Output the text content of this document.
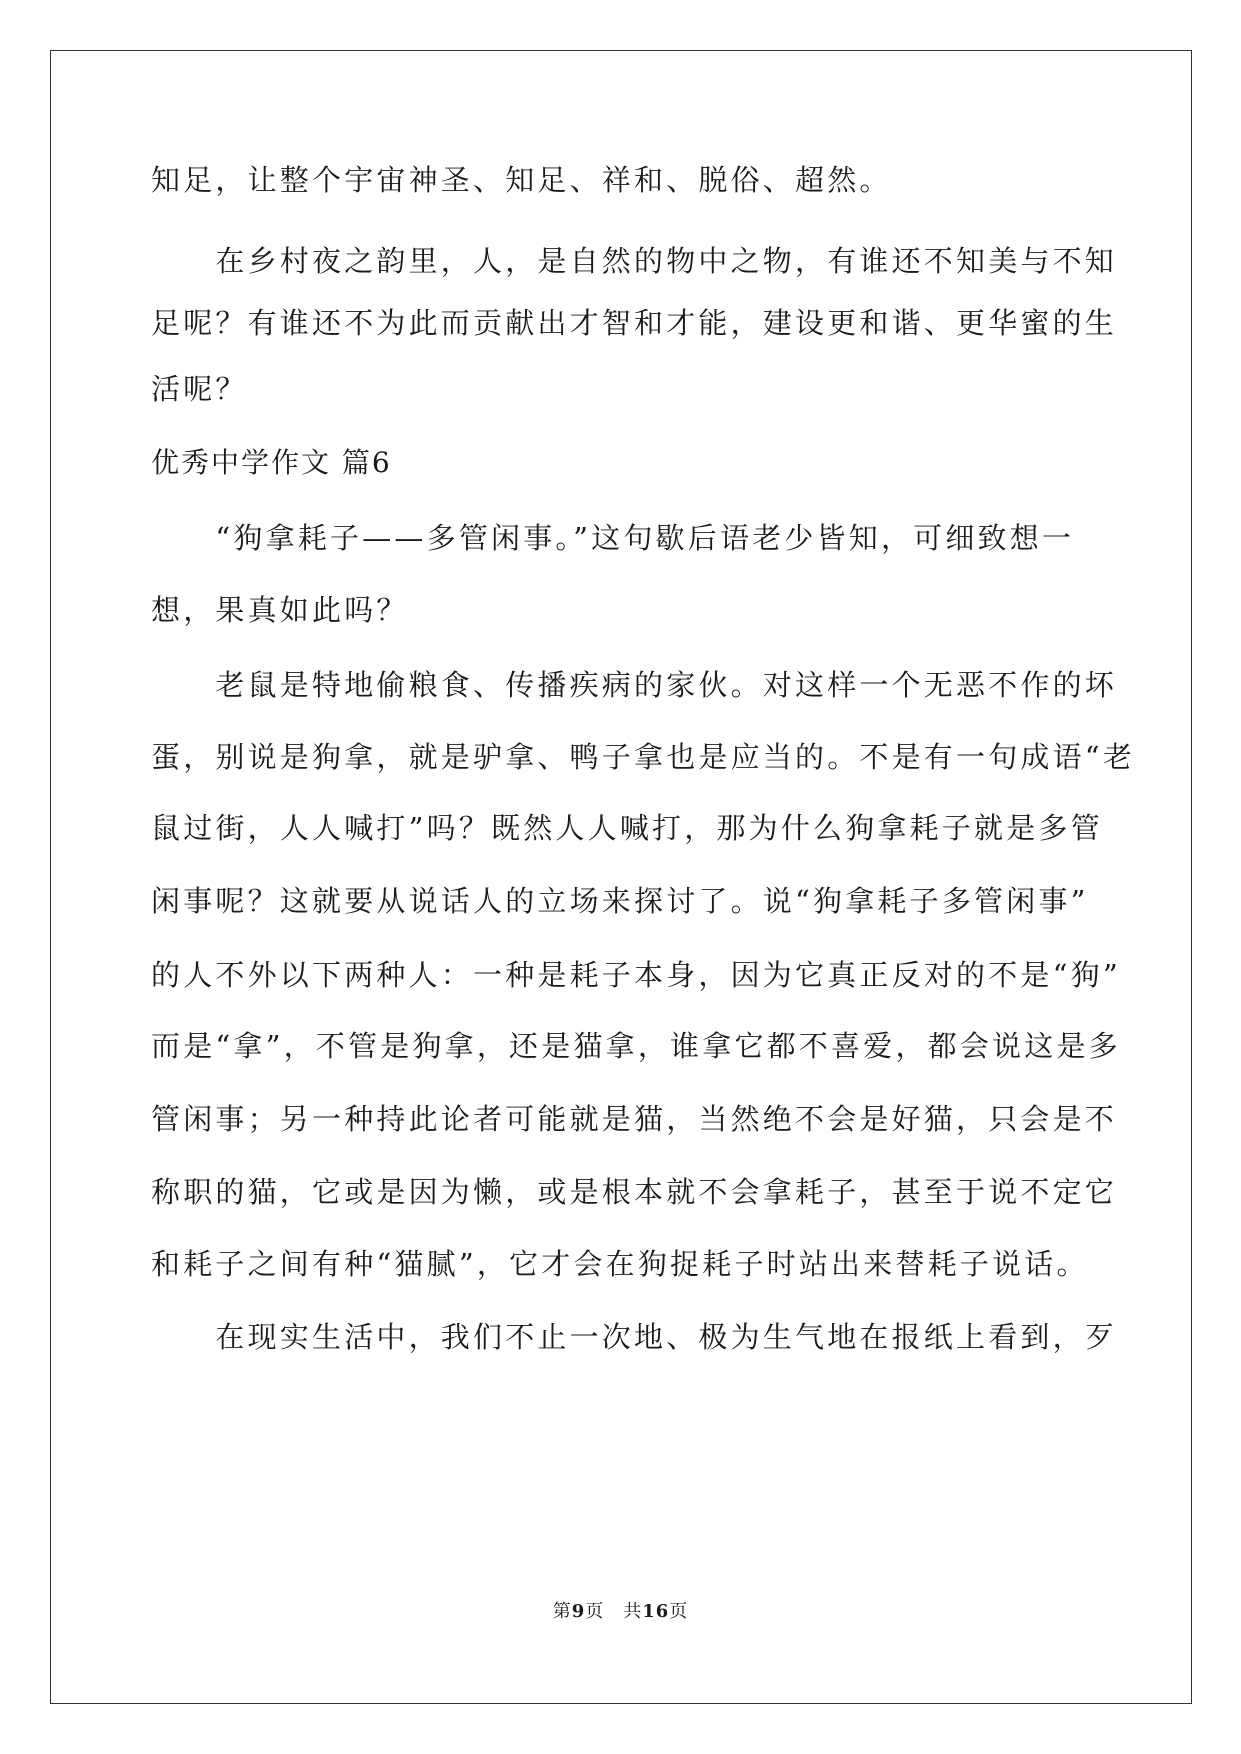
知足，让整个宇宙神圣、知足、祥和、脱俗、超然。
　　在乡村夜之韵里，人，是自然的物中之物，有谁还不知美与不知
足呢？有谁还不为此而贡献出才智和才能，建设更和谐、更华蜜的生
活呢？
优秀中学作文 篇6
　　“狗拿耗子——多管闲事。”这句歇后语老少皆知，可细致想一
想，果真如此吗？
　　老鼠是特地偷粮食、传播疾病的家伙。对这样一个无恶不作的坏
蛋，别说是狗拿，就是驴拿、鸭子拿也是应当的。不是有一句成语“老
鼠过街，人人喊打”吗？既然人人喊打，那为什么狗拿耗子就是多管
闲事呢？这就要从说话人的立场来探讨了。说“狗拿耗子多管闲事”
的人不外以下两种人：一种是耗子本身，因为它真正反对的不是“狗”
而是“拿”，不管是狗拿，还是猫拿，谁拿它都不喜爱，都会说这是多
管闲事；另一种持此论者可能就是猫，当然绝不会是好猫，只会是不
称职的猫，它或是因为懒，或是根本就不会拿耗子，甚至于说不定它
和耗子之间有种“猫腻”，它才会在狗捉耗子时站出来替耗子说话。
　　在现实生活中，我们不止一次地、极为生气地在报纸上看到，歹
第9页　共16页
